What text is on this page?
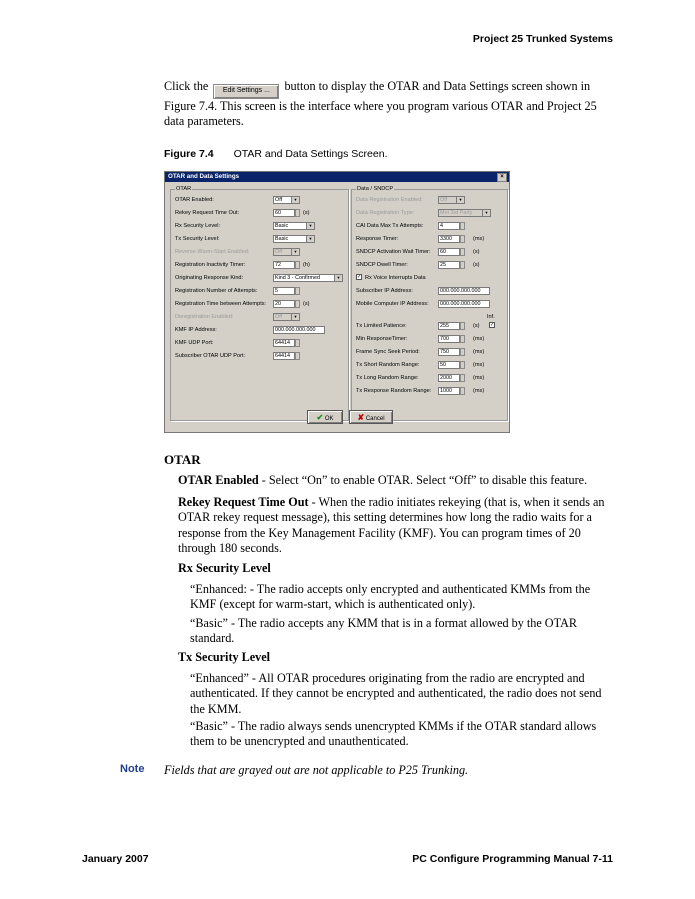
Project 25 Trunked Systems
Click the Edit Settings ... button to display the OTAR and Data Settings screen shown in Figure 7.4. This screen is the interface where you program various OTAR and Project 25 data parameters.
Figure 7.4 OTAR and Data Settings Screen.
OTAR and Data Settings	×
OTAR	Data / SNDCP
OTAR Enabled:	Off	▼
Rekey Request Time Out:	60	(s)
Rx Security Level:	Basic	▼
Tx Security Level:	Basic	▼
Reverse Warm-Start Enabled:	Off	▼
Registration Inactivity Timer:	72	(h)
Originating Response Kind:	Kind 3 - Confirmed	▼
Registration Number of Attempts:	5
Registration Time between Attempts:	20	(s)
Deregistration Enabled:	Off	▼
KMF IP Address:	000.000.000.000
KMF UDP Port:	64414
Subscriber OTAR UDP Port:	64414
Data Registration Enabled:	Off	▼
Data Registration Type:	Mot 3rd Party	▼
CAI Data Max Tx Attempts:	4
Response Timer:	3300	(ms)
SNDCP Activation Wait Timer:	60	(s)
SNDCP Dwell Timer:	25	(s)
✓ Rx Voice Interrupts Data
Subscriber IP Address:	000.000.000.000
Mobile Computer IP Address:	000.000.000.000
Inf.
Tx Limited Patience:	255	(s) ✓
Min ResponseTimer:	700	(ms)
Frame Sync Seek Period:	750	(ms)
Tx Short Random Range:	50	(ms)
Tx Long Random Range:	2000	(ms)
Tx Response Random Range:	1000	(ms)
✔ OK	✘ Cancel
OTAR
OTAR Enabled - Select “On” to enable OTAR. Select “Off” to disable this feature.
Rekey Request Time Out - When the radio initiates rekeying (that is, when it sends an OTAR rekey request message), this setting determines how long the radio waits for a response from the Key Management Facility (KMF). You can program times of 20 through 180 seconds.
Rx Security Level
“Enhanced: - The radio accepts only encrypted and authenticated KMMs from the KMF (except for warm-start, which is authenticated only).
“Basic” - The radio accepts any KMM that is in a format allowed by the OTAR standard.
Tx Security Level
“Enhanced” - All OTAR procedures originating from the radio are encrypted and authenticated. If they cannot be encrypted and authenticated, the radio does not send the KMM.
“Basic” - The radio always sends unencrypted KMMs if the OTAR standard allows them to be unencrypted and unauthenticated.
Note Fields that are grayed out are not applicable to P25 Trunking.
January 2007	PC Configure Programming Manual 7-11
